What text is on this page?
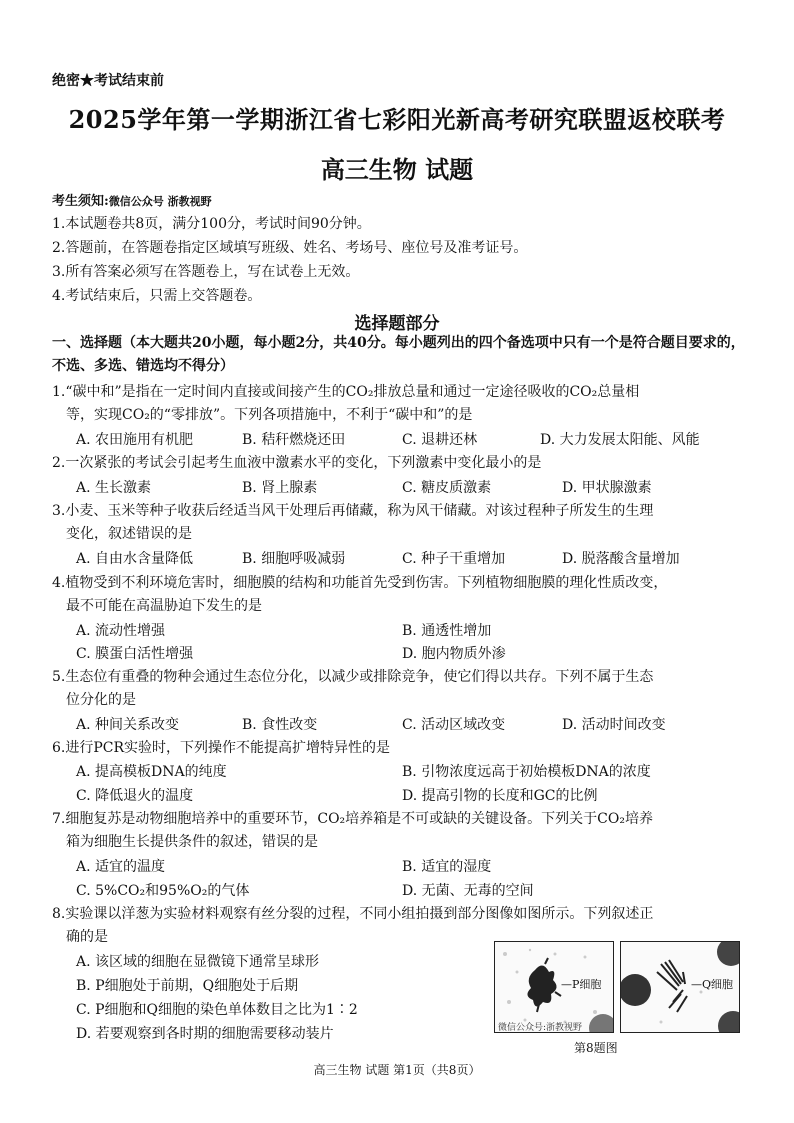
绝密★考试结束前
2025学年第一学期浙江省七彩阳光新高考研究联盟返校联考
高三生物 试题
考生须知:微信公众号 浙教视野
1.本试题卷共8页，满分100分，考试时间90分钟。
2.答题前，在答题卷指定区域填写班级、姓名、考场号、座位号及准考证号。
3.所有答案必须写在答题卷上，写在试卷上无效。
4.考试结束后，只需上交答题卷。
选择题部分
一、选择题（本大题共20小题，每小题2分，共40分。每小题列出的四个备选项中只有一个是符合题目要求的，不选、多选、错选均不得分）
1.“碳中和”是指在一定时间内直接或间接产生的CO₂排放总量和通过一定途径吸收的CO₂总量相
等，实现CO₂的“零排放”。下列各项措施中，不利于“碳中和”的是
A. 农田施用有机肥	B. 秸秆燃烧还田	C. 退耕还林	D. 大力发展太阳能、风能
2.一次紧张的考试会引起考生血液中激素水平的变化，下列激素中变化最小的是
A. 生长激素	B. 肾上腺素	C. 糖皮质激素	D. 甲状腺激素
3.小麦、玉米等种子收获后经适当风干处理后再储藏，称为风干储藏。对该过程种子所发生的生理
变化，叙述错误的是
A. 自由水含量降低	B. 细胞呼吸减弱	C. 种子干重增加	D. 脱落酸含量增加
4.植物受到不利环境危害时，细胞膜的结构和功能首先受到伤害。下列植物细胞膜的理化性质改变，
最不可能在高温胁迫下发生的是
A. 流动性增强	B. 通透性增加
C. 膜蛋白活性增强	D. 胞内物质外渗
5.生态位有重叠的物种会通过生态位分化，以减少或排除竞争，使它们得以共存。下列不属于生态
位分化的是
A. 种间关系改变	B. 食性改变	C. 活动区域改变	D. 活动时间改变
6.进行PCR实验时，下列操作不能提高扩增特异性的是
A. 提高模板DNA的纯度	B. 引物浓度远高于初始模板DNA的浓度
C. 降低退火的温度	D. 提高引物的长度和GC的比例
7.细胞复苏是动物细胞培养中的重要环节，CO₂培养箱是不可或缺的关键设备。下列关于CO₂培养
箱为细胞生长提供条件的叙述，错误的是
A. 适宜的温度	B. 适宜的湿度
C. 5%CO₂和95%O₂的气体	D. 无菌、无毒的空间
8.实验课以洋葱为实验材料观察有丝分裂的过程，不同小组拍摄到部分图像如图所示。下列叙述正
确的是
A. 该区域的细胞在显微镜下通常呈球形
B. P细胞处于前期，Q细胞处于后期
C. P细胞和Q细胞的染色单体数目之比为1∶2
D. 若要观察到各时期的细胞需要移动装片
—P细胞
微信公众号:浙教视野
—Q细胞
第8题图
高三生物 试题 第1页（共8页）
